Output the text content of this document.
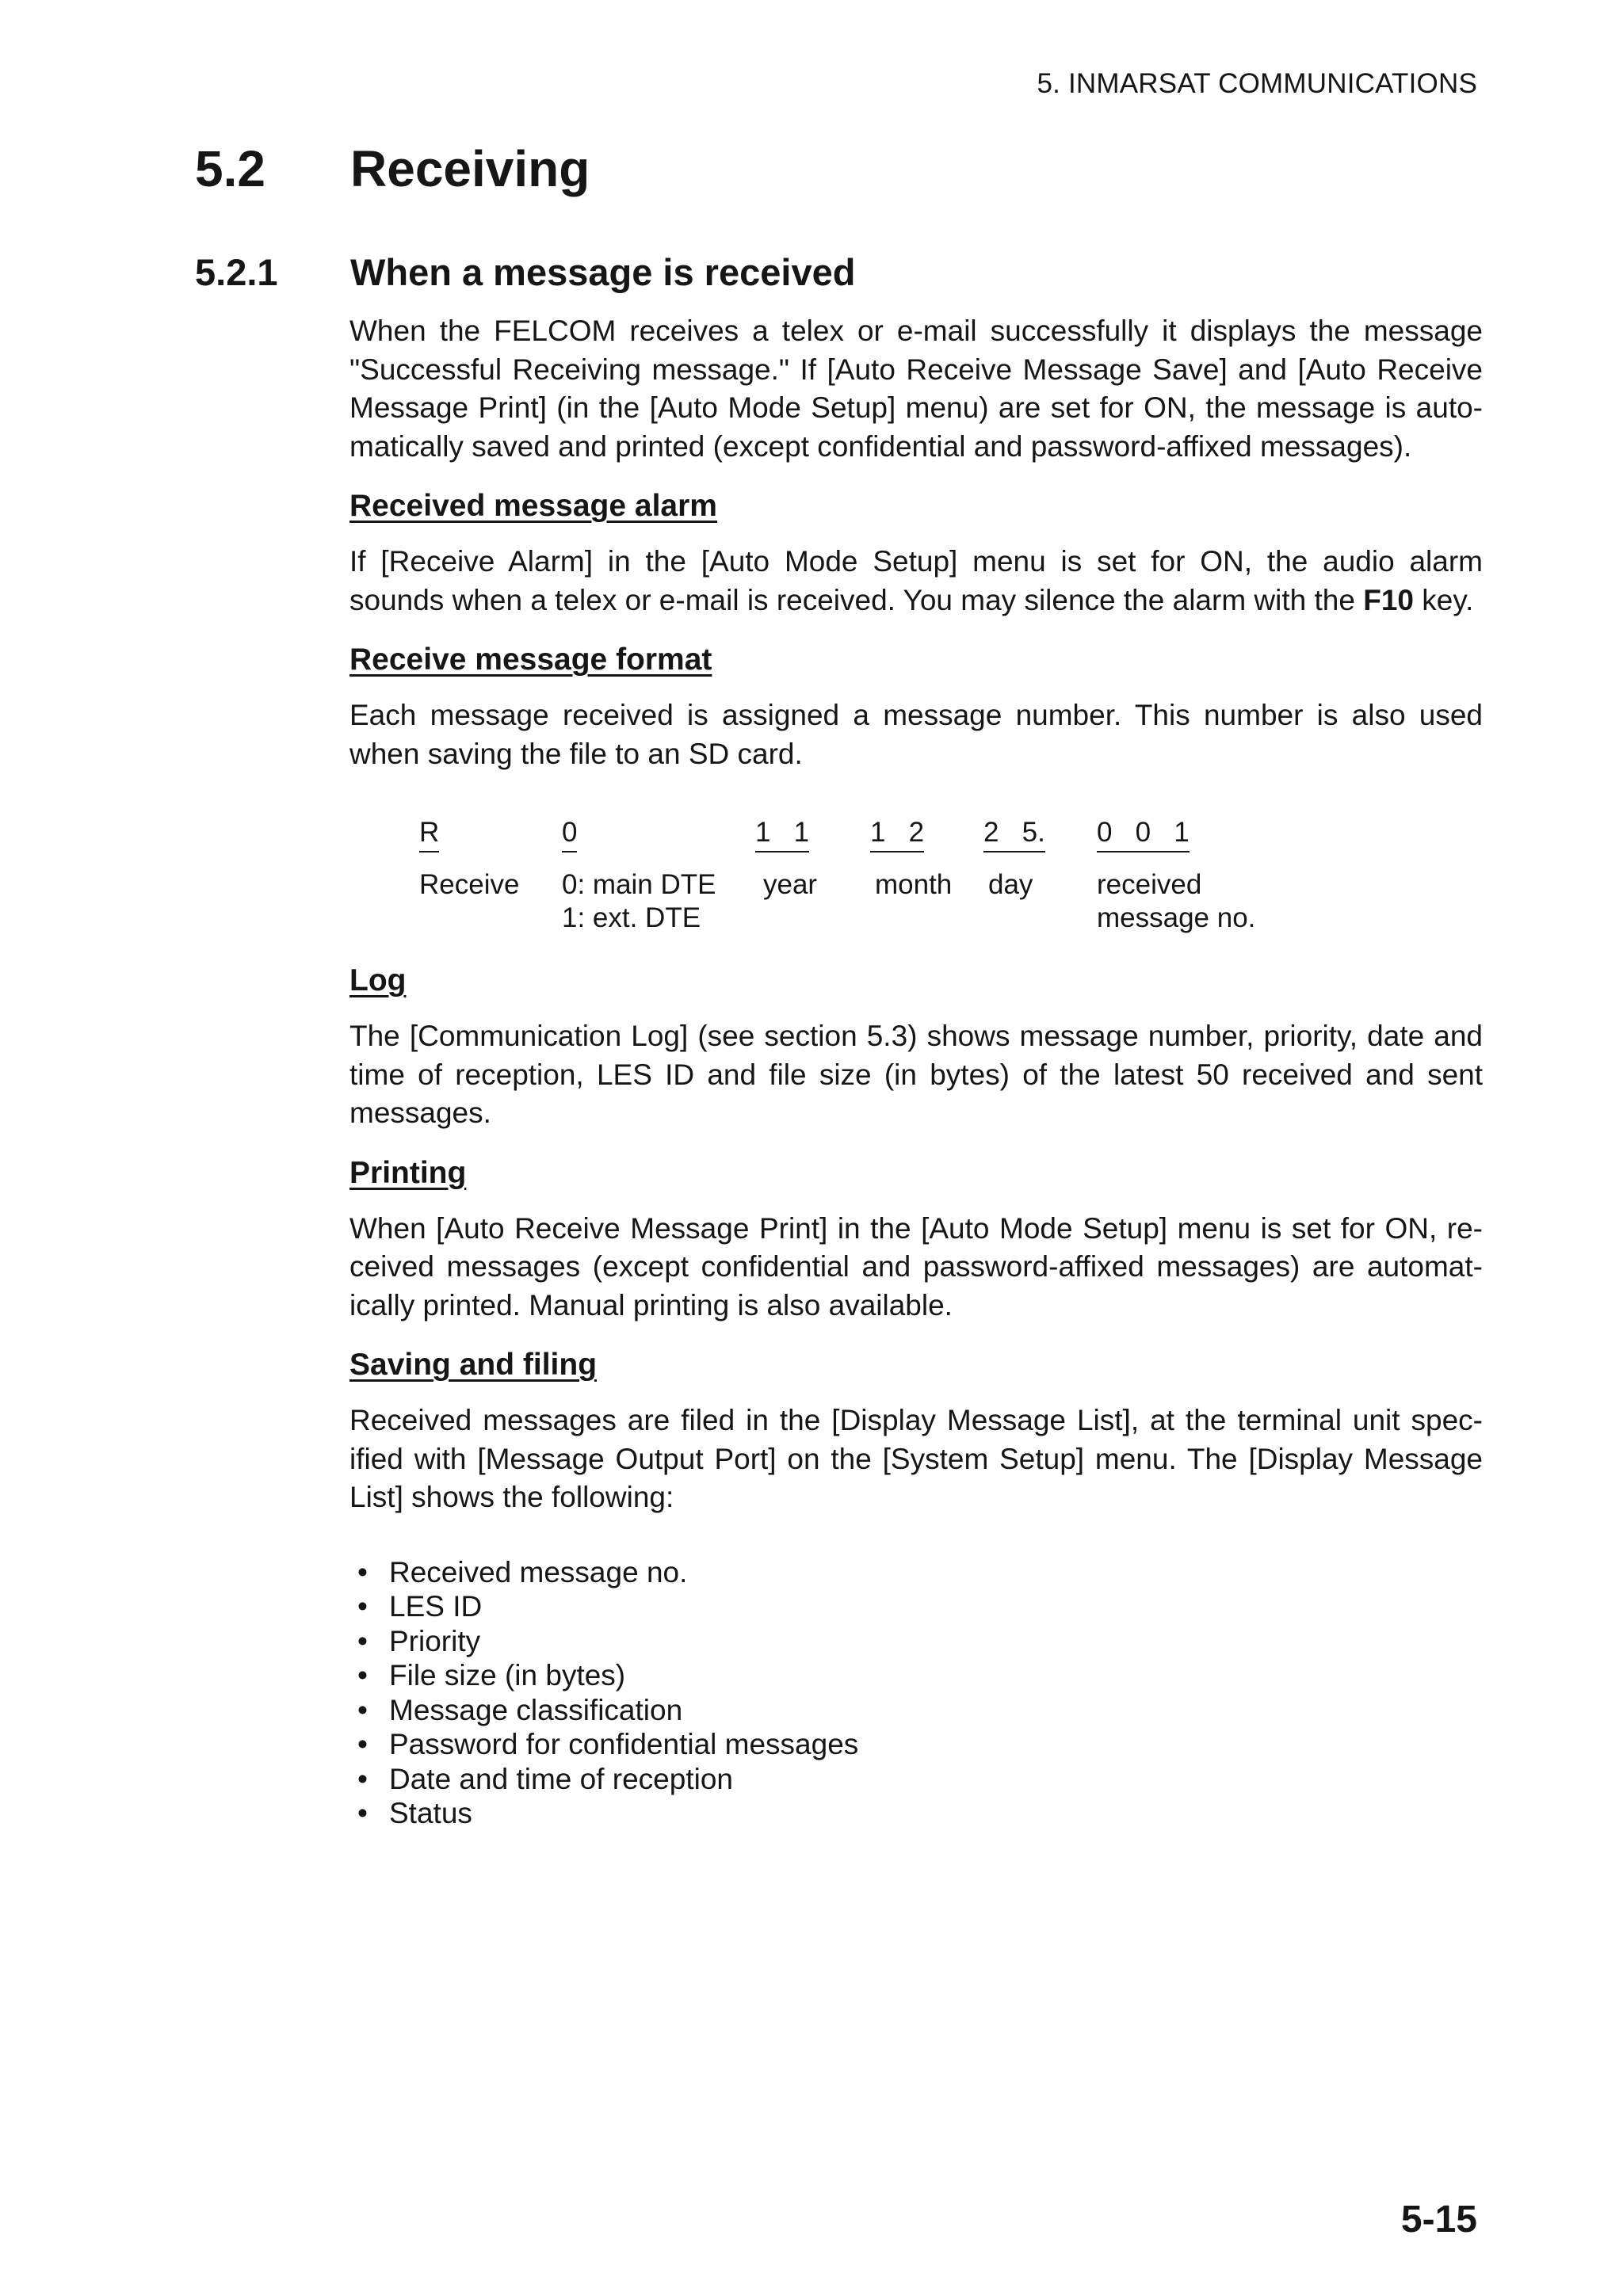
5. INMARSAT COMMUNICATIONS
5.2 Receiving
5.2.1 When a message is received

When the FELCOM receives a telex or e-mail successfully it displays the message "Successful Receiving message." If [Auto Receive Message Save] and [Auto Receive Message Print] (in the [Auto Mode Setup] menu) are set for ON, the message is auto-matically saved and printed (except confidential and password-affixed messages).

Received message alarm

If [Receive Alarm] in the [Auto Mode Setup] menu is set for ON, the audio alarm sounds when a telex or e-mail is received. You may silence the alarm with the F10 key.

Receive message format

Each message received is assigned a message number. This number is also used when saving the file to an SD card.

R	0	1   1 1   2 2   5. 0   0   1
Receive 0: main DTE
1: ext. DTE
year month day received
message no.
Log

The [Communication Log] (see section 5.3) shows message number, priority, date and time of reception, LES ID and file size (in bytes) of the latest 50 received and sent messages.

Printing

When [Auto Receive Message Print] in the [Auto Mode Setup] menu is set for ON, re-ceived messages (except confidential and password-affixed messages) are automat-ically printed. Manual printing is also available.

Saving and filing

Received messages are filed in the [Display Message List], at the terminal unit spec-ified with [Message Output Port] on the [System Setup] menu. The [Display Message List] shows the following:

• Received message no.
• LES ID
• Priority
• File size (in bytes)
• Message classification
• Password for confidential messages
• Date and time of reception
• Status
5-15
